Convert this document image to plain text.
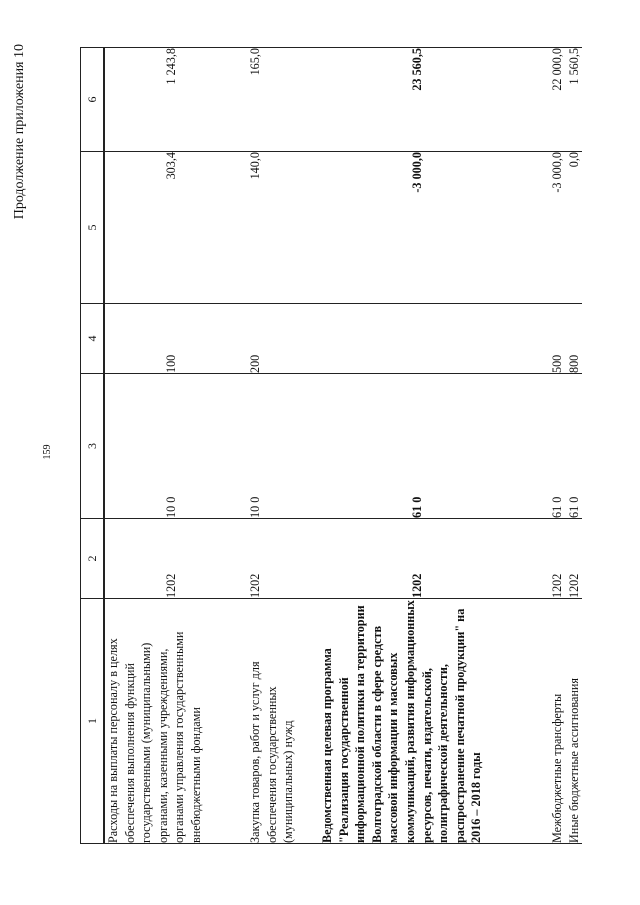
Продолжение приложения 10
159
1	2	3	4	5	6
Расходы на выплаты персоналу в целях обеспечения выполнения функций государственными (муниципальными) органами, казенными учреждениями, органами управления государственными внебюджетными фондами	1202	10 0	100	303,4	1 243,8
Закупка товаров, работ и услуг для обеспечения государственных (муниципальных) нужд	1202	10 0	200	140,0	165,0
Ведомственная целевая программа "Реализация государственной информационной политики на территории Волгоградской области в сфере средств массовой информации и массовых коммуникаций, развития информационных ресурсов, печати, издательской, полиграфической деятельности, распространение печатной продукции" на 2016 – 2018 годы	1202	61 0		-3 000,0	23 560,5
Межбюджетные трансферты	1202	61 0	500	-3 000,0	22 000,0
Иные бюджетные ассигнования	1202	61 0	800	0,0	1 560,5
